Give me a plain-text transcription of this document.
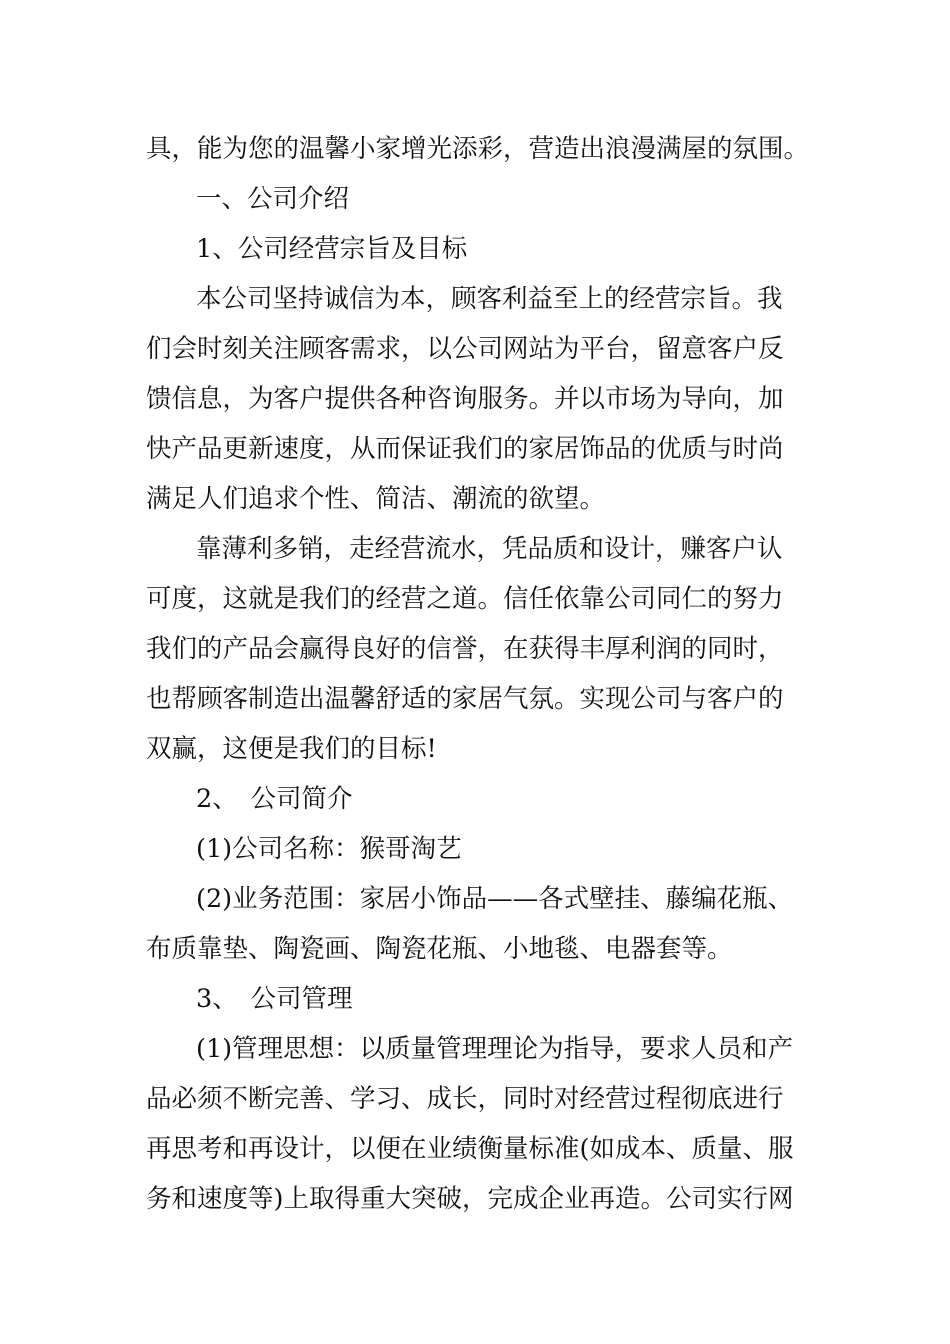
具，能为您的温馨小家增光添彩，营造出浪漫满屋的氛围。

一、公司介绍

1、公司经营宗旨及目标

本公司坚持诚信为本，顾客利益至上的经营宗旨。我

们会时刻关注顾客需求，以公司网站为平台，留意客户反

馈信息，为客户提供各种咨询服务。并以市场为导向，加

快产品更新速度，从而保证我们的家居饰品的优质与时尚

满足人们追求个性、简洁、潮流的欲望。

靠薄利多销，走经营流水，凭品质和设计，赚客户认

可度，这就是我们的经营之道。信任依靠公司同仁的努力

我们的产品会赢得良好的信誉，在获得丰厚利润的同时，

也帮顾客制造出温馨舒适的家居气氛。实现公司与客户的

双赢，这便是我们的目标!

2、　公司简介

(1)公司名称：猴哥淘艺

(2)业务范围：家居小饰品——各式壁挂、藤编花瓶、

布质靠垫、陶瓷画、陶瓷花瓶、小地毯、电器套等。

3、　公司管理

(1)管理思想：以质量管理理论为指导，要求人员和产

品必须不断完善、学习、成长，同时对经营过程彻底进行

再思考和再设计，以便在业绩衡量标准(如成本、质量、服

务和速度等)上取得重大突破，完成企业再造。公司实行网
